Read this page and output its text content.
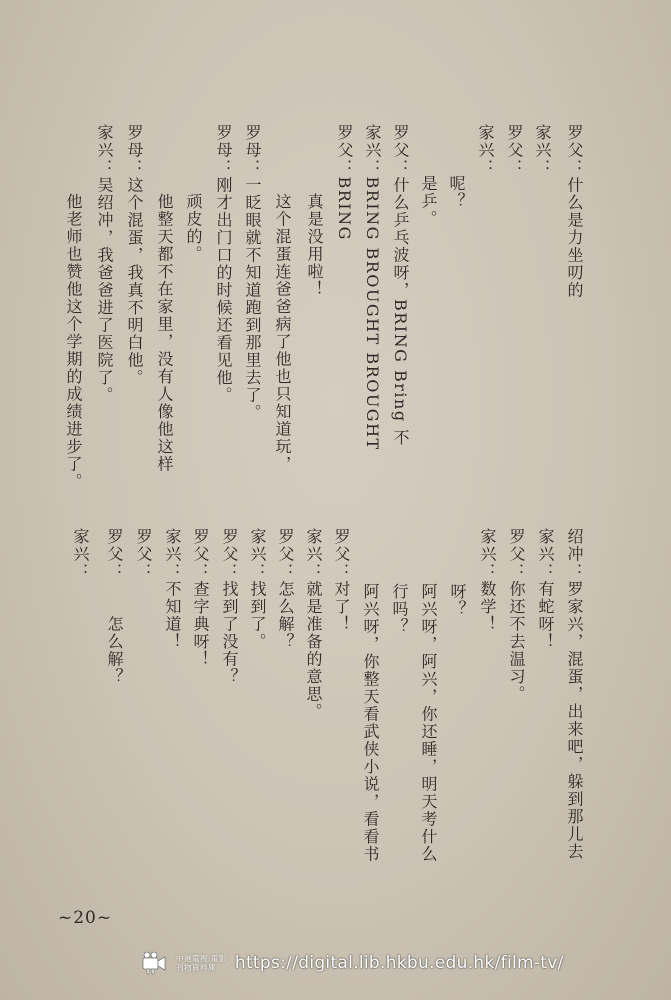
罗父：什么是力坐叨的
家兴：
罗父：
家兴：
　　呢？
　　是乒。
罗父：什么乒乓波呀，BRING Bring 不
家兴：BRING BROUGHT BROUGHT
罗父：BRING
　　真是没用啦！
　　这个混蛋连爸爸病了他也只知道玩，
罗母：一眨眼就不知道跑到那里去了。
罗母：刚才出门口的时候还看见他。
　　顽皮的。
　　他整天都不在家里，没有人像他这样
罗母：这个混蛋，我真不明白他。
家兴：吴绍冲，我爸爸进了医院了。
　　他老师也赞他这个学期的成绩进步了。
绍冲：罗家兴，混蛋，出来吧，躲到那儿去
家兴：有蛇呀！
罗父：你还不去温习。
家兴：数学！
　　呀？
　　阿兴呀，阿兴，你还睡，明天考什么
　　行吗？
　　阿兴呀，你整天看武侠小说，看看书
罗父：对了！
家兴：就是准备的意思。
罗父：怎么解？
家兴：找到了。
罗父：找到了没有？
罗父：查字典呀！
家兴：不知道！
罗父：
罗父：　　怎么解？
家兴：
~20~
中港電視·電影
刊物資料庫	https://digital.lib.hkbu.edu.hk/film-tv/
